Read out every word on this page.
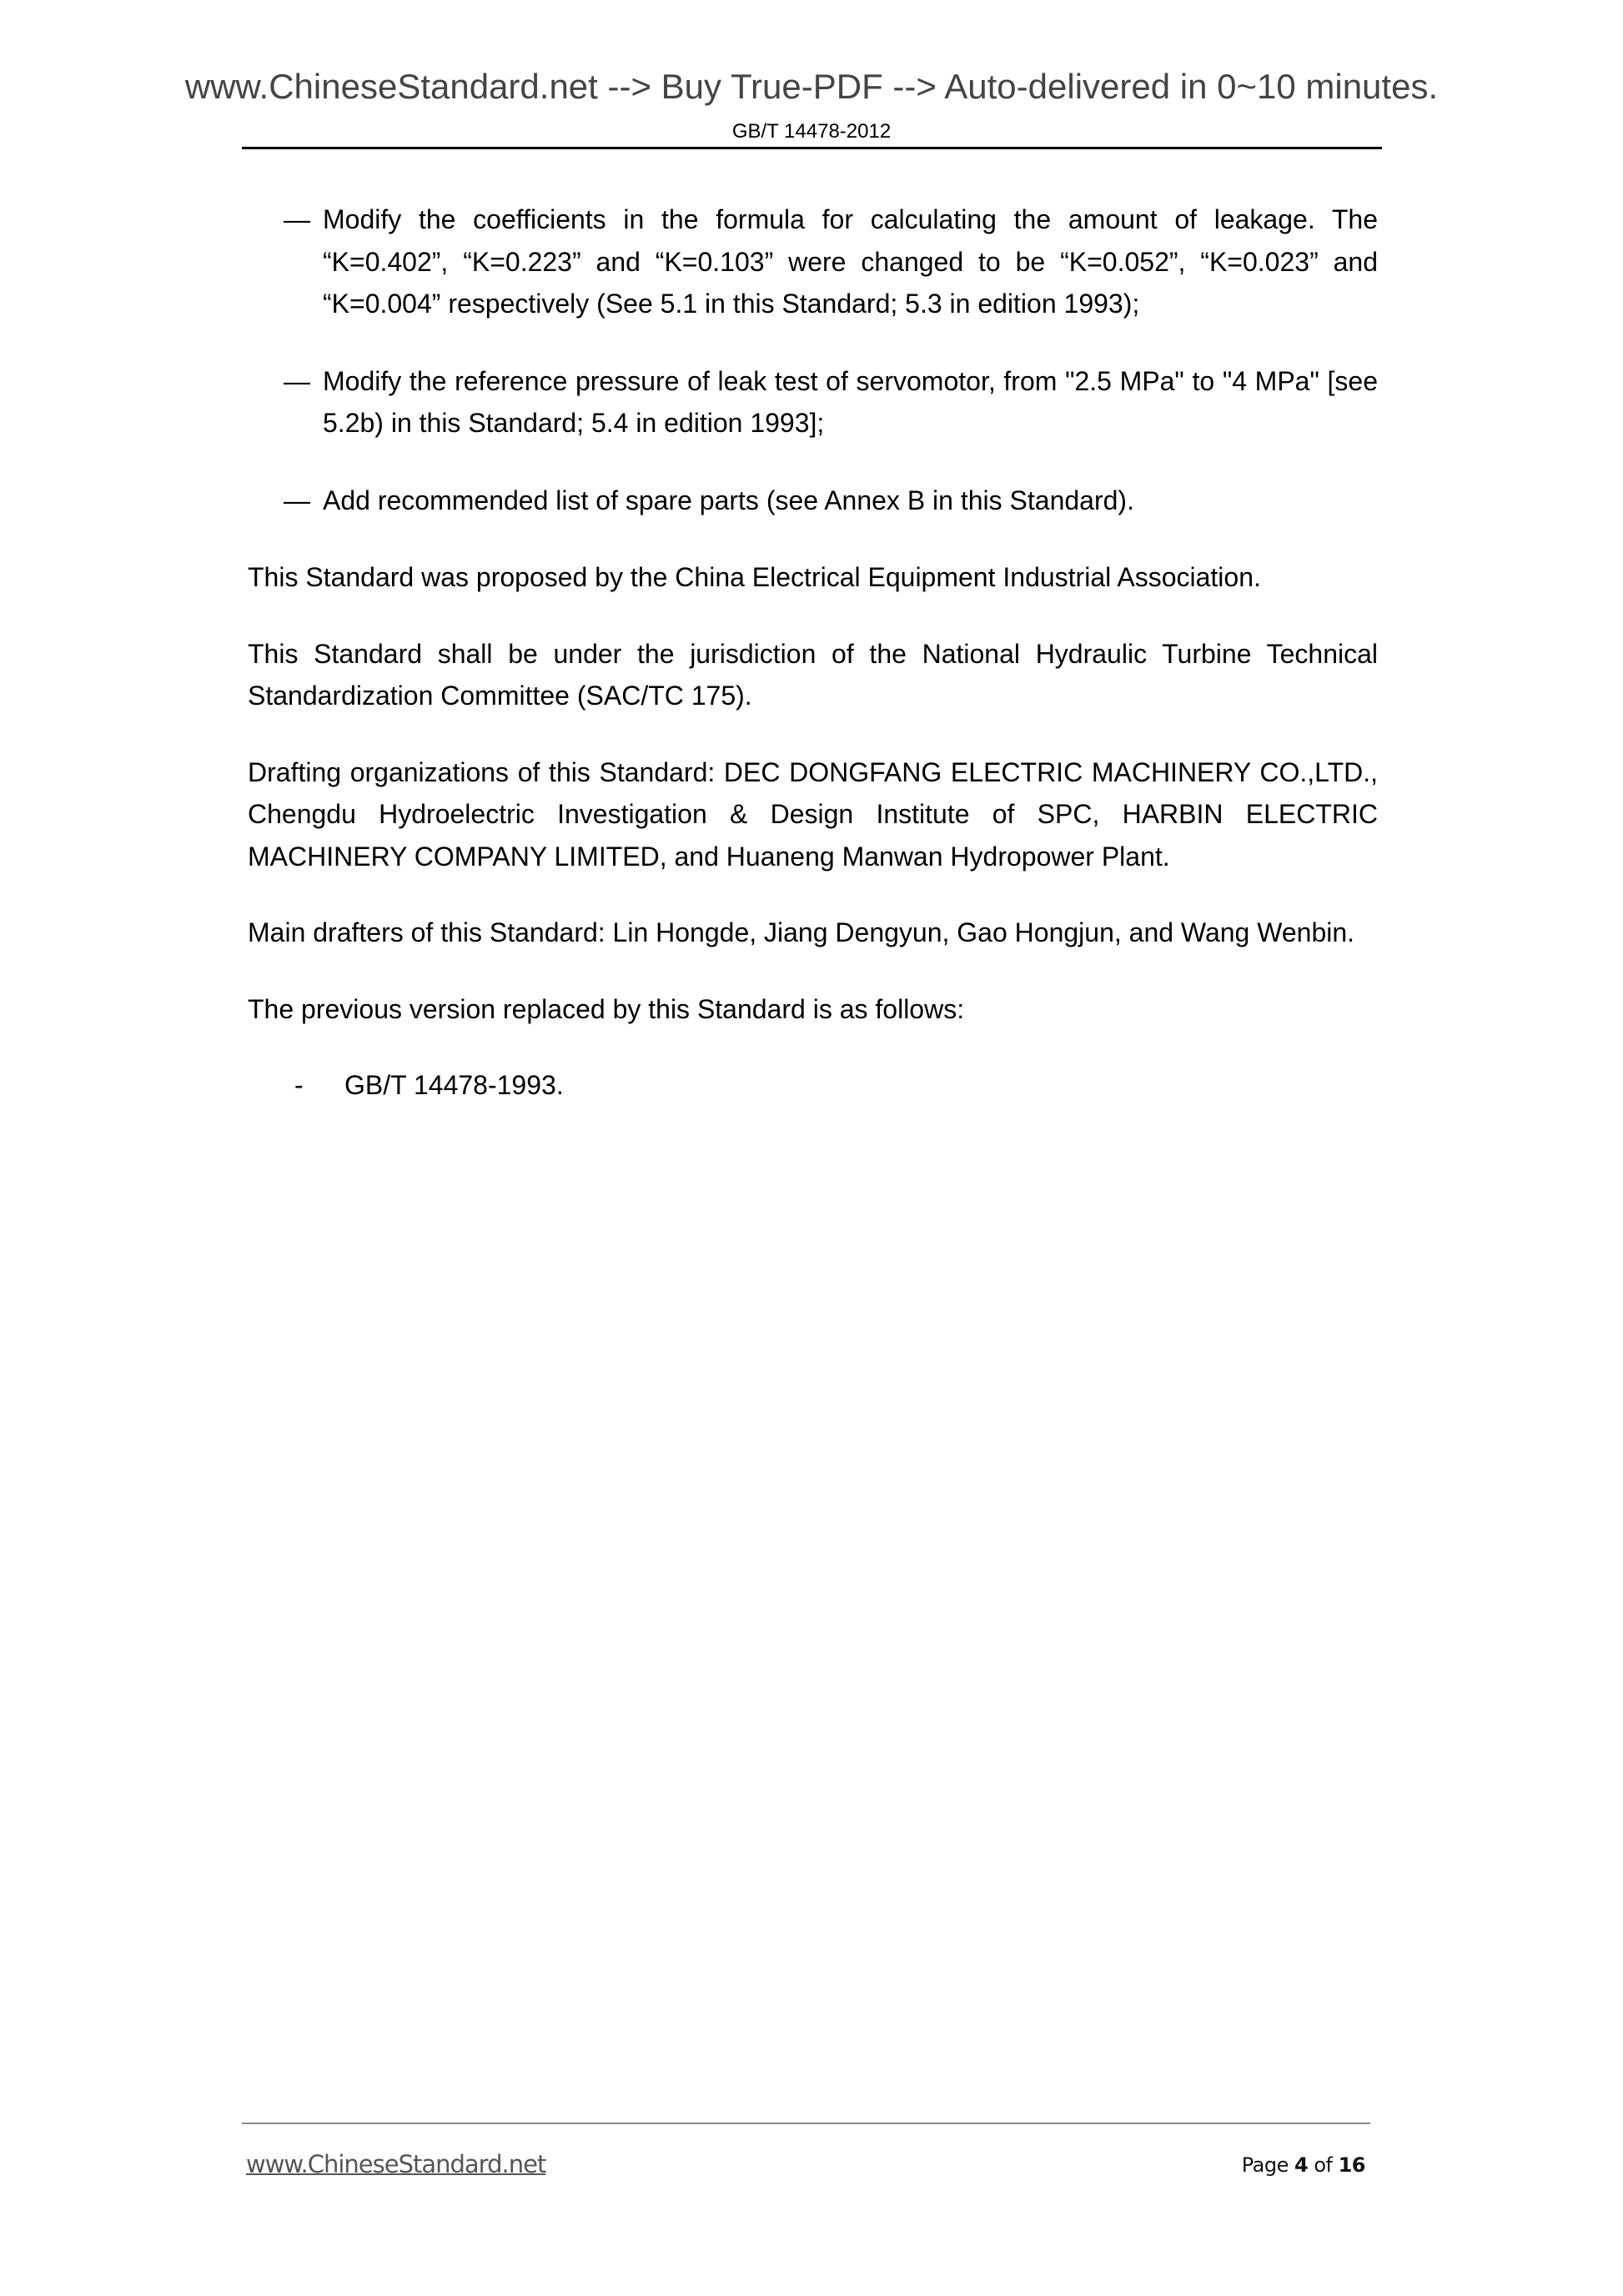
www.ChineseStandard.net --> Buy True-PDF --> Auto-delivered in 0~10 minutes.
GB/T 14478-2012
— Modify the coefficients in the formula for calculating the amount of leakage. The “K=0.402”, “K=0.223” and “K=0.103” were changed to be “K=0.052”, “K=0.023” and “K=0.004” respectively (See 5.1 in this Standard; 5.3 in edition 1993);
— Modify the reference pressure of leak test of servomotor, from "2.5 MPa" to "4 MPa" [see 5.2b) in this Standard; 5.4 in edition 1993];
— Add recommended list of spare parts (see Annex B in this Standard).

This Standard was proposed by the China Electrical Equipment Industrial Association.

This Standard shall be under the jurisdiction of the National Hydraulic Turbine Technical Standardization Committee (SAC/TC 175).

Drafting organizations of this Standard: DEC DONGFANG ELECTRIC MACHINERY CO.,LTD., Chengdu Hydroelectric Investigation & Design Institute of SPC, HARBIN ELECTRIC MACHINERY COMPANY LIMITED, and Huaneng Manwan Hydropower Plant.

Main drafters of this Standard: Lin Hongde, Jiang Dengyun, Gao Hongjun, and Wang Wenbin.

The previous version replaced by this Standard is as follows:

- GB/T 14478-1993.
www.ChineseStandard.net	Page 4 of 16
